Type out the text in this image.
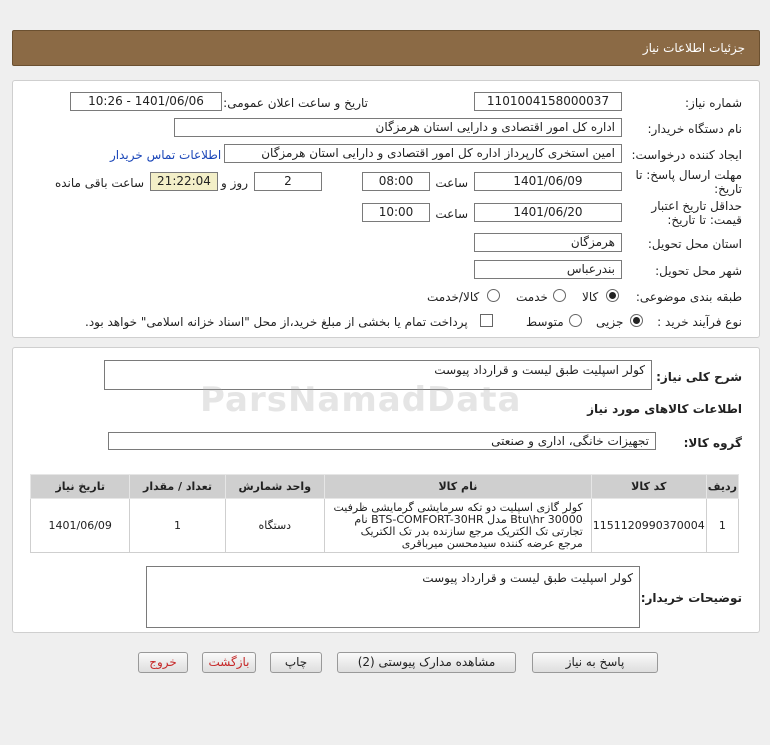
جزئیات اطلاعات نیاز
شماره نیاز:
1101004158000037
تاریخ و ساعت اعلان عمومی:
1401/06/06 - 10:26
نام دستگاه خریدار:
اداره کل امور اقتصادی و دارایی استان هرمزگان
ایجاد کننده درخواست:
امین استخری کارپرداز اداره کل امور اقتصادی و دارایی استان هرمزگان
اطلاعات تماس خریدار
مهلت ارسال پاسخ: تا
تاریخ:
1401/06/09
ساعت
08:00
2
روز و
21:22:04
ساعت باقی مانده
حداقل تاریخ اعتبار
قیمت: تا تاریخ:
1401/06/20
ساعت
10:00
استان محل تحویل:
هرمزگان
شهر محل تحویل:
بندرعباس
طبقه بندی موضوعی:
کالا
خدمت
کالا/خدمت
نوع فرآیند خرید :
جزیی
متوسط
پرداخت تمام یا بخشی از مبلغ خرید،از محل "اسناد خزانه اسلامی" خواهد بود.
شرح کلی نیاز:
کولر اسپلیت طبق لیست و قرارداد پیوست
ParsNamadData	اطلاعات کالاهای مورد نیاز
گروه کالا:
تجهیزات خانگی، اداری و صنعتی
ردیف	کد کالا	نام کالا	واحد شمارش	تعداد / مقدار	تاریخ نیاز
1	1151120990370004	کولر گازی اسپلیت دو تکه سرمایشی گرمایشی ظرفیت 30000 Btu\hr مدل BTS-COMFORT-30HR نام تجارتی تک الکتریک مرجع سازنده بدر تک الکتریک مرجع عرضه کننده سیدمحسن میرباقری	دستگاه	1	1401/06/09
توضیحات خریدار:
کولر اسپلیت طبق لیست و قرارداد پیوست
پاسخ به نیاز
مشاهده مدارک پیوستی (2)
چاپ
بازگشت
خروج
